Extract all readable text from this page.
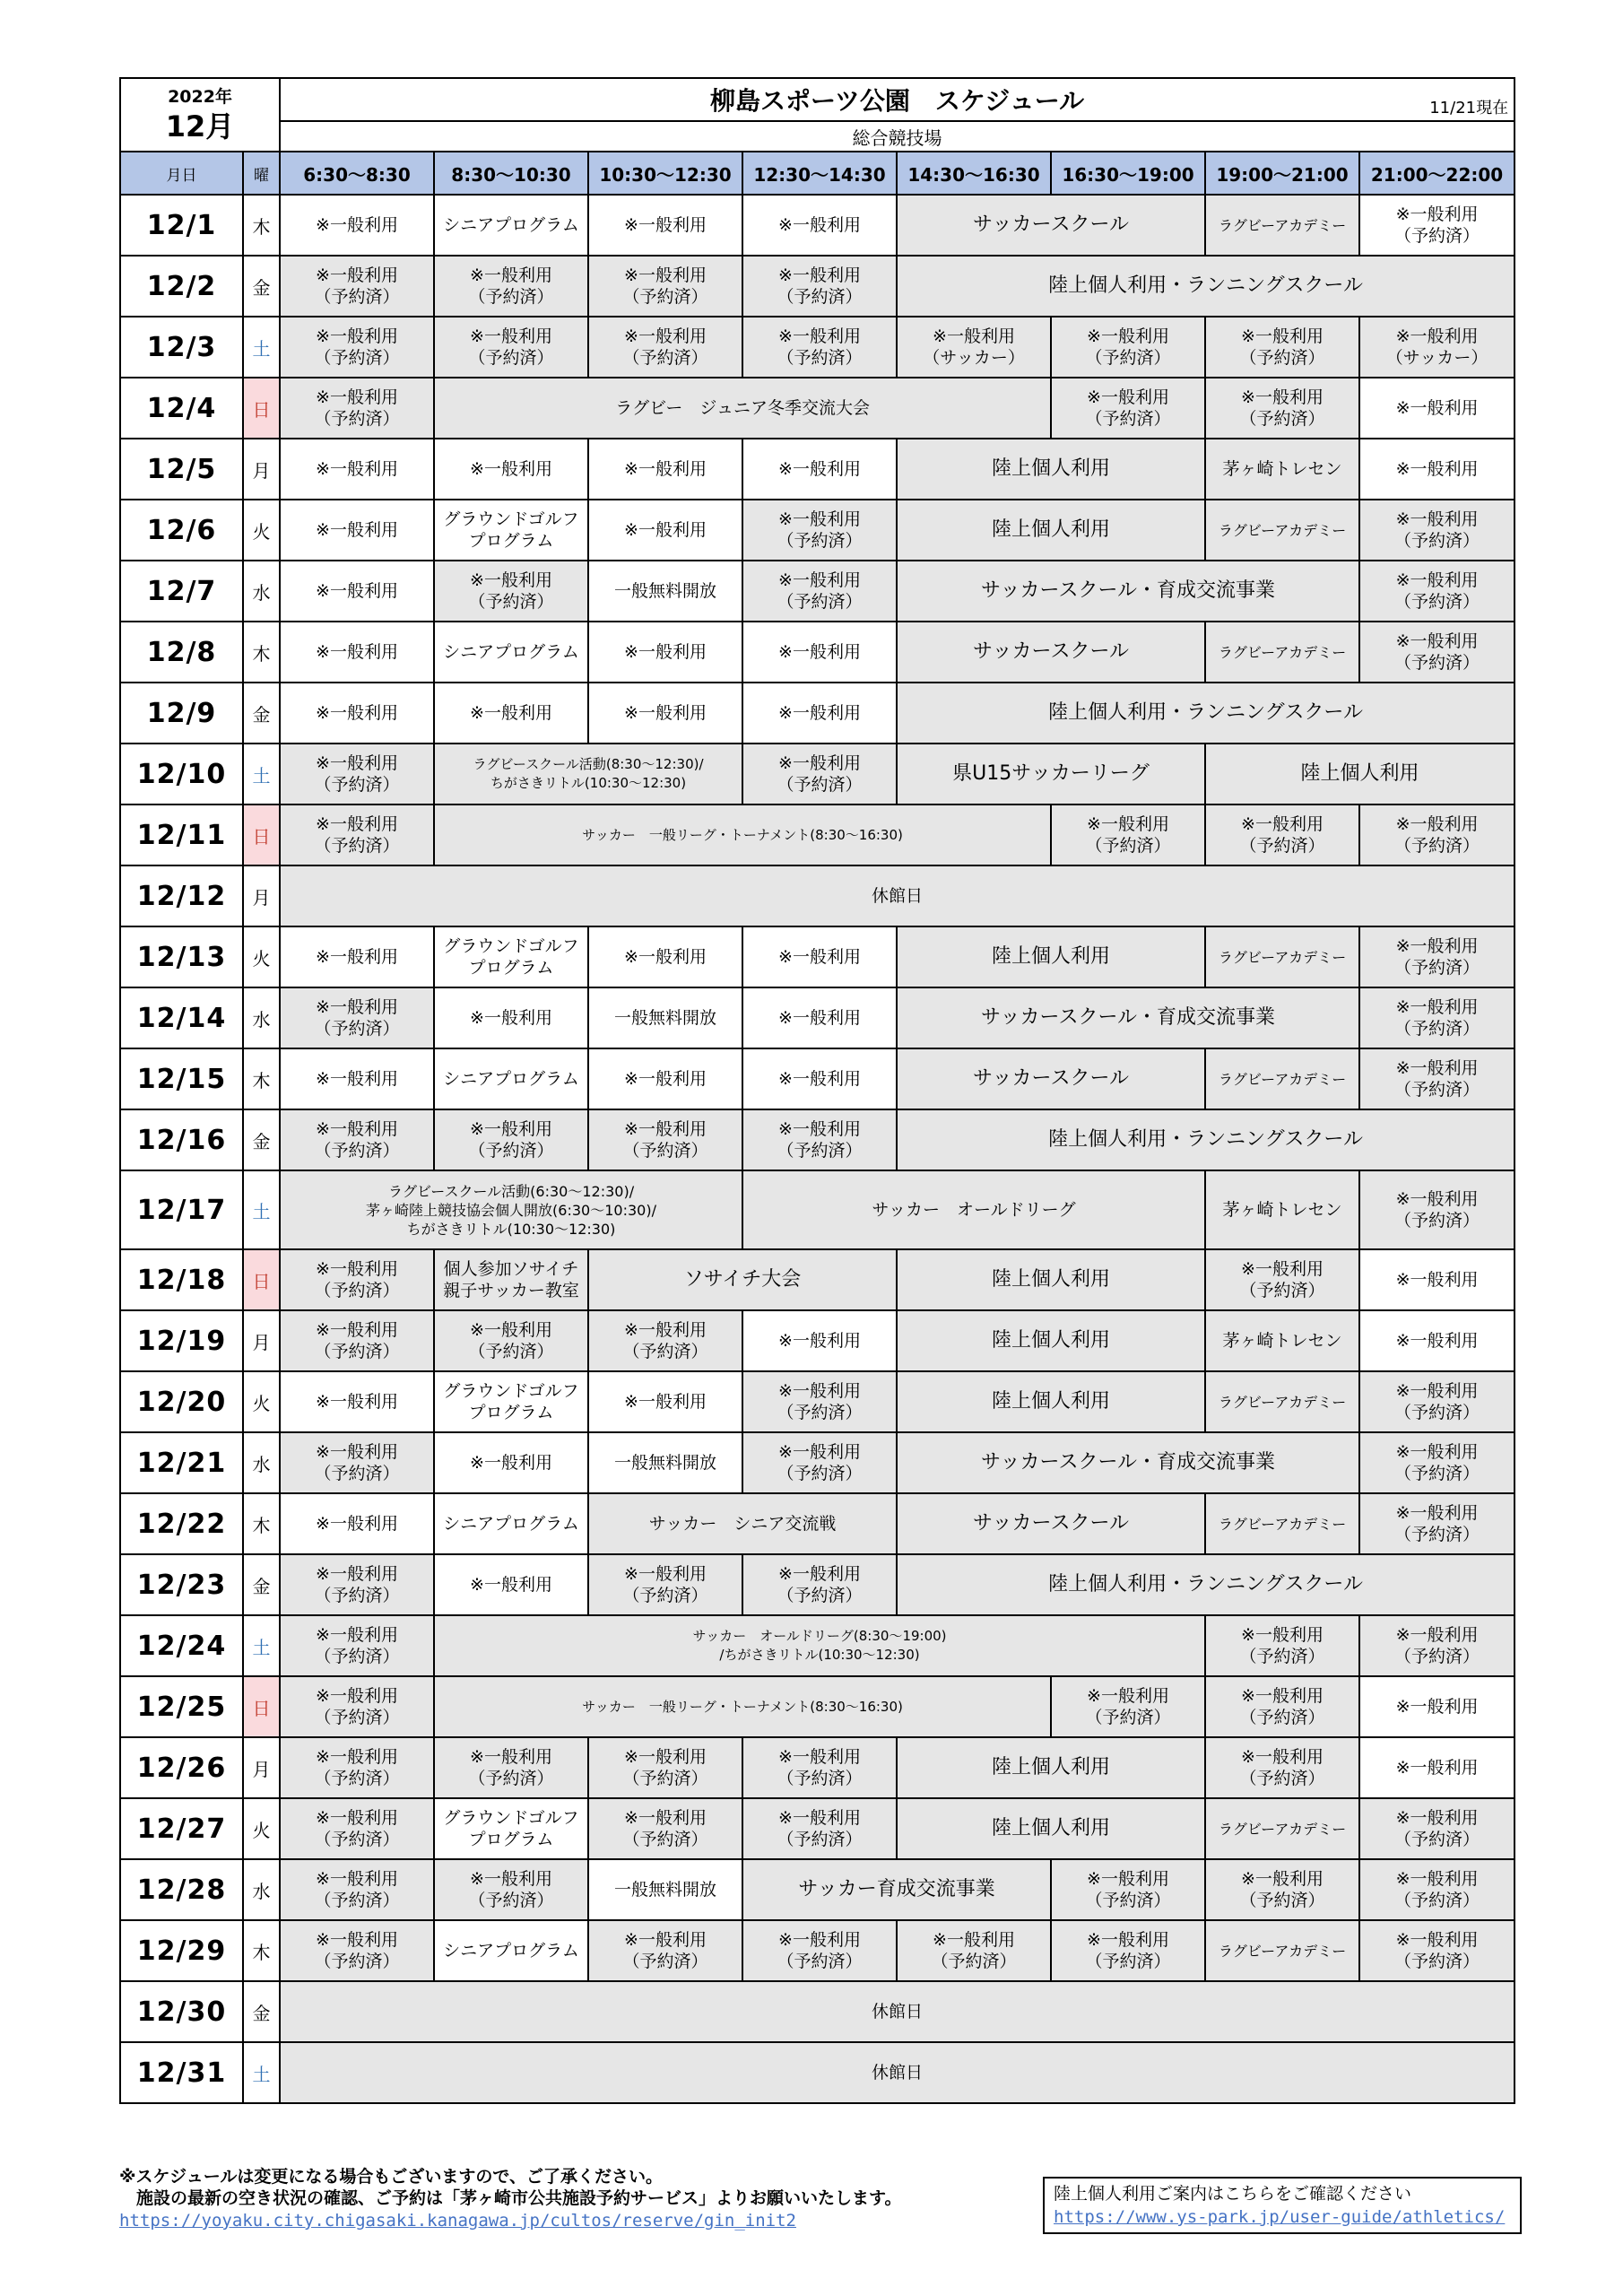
2022年
12月		柳島スポーツ公園　スケジュール 11/21現在							

		総合競技場							
月日	曜	6:30～8:30	8:30～10:30	10:30～12:30	12:30～14:30	14:30～16:30	16:30～19:00	19:00～21:00	21:00～22:00
12/1	木	※一般利用	シニアプログラム	※一般利用	※一般利用	サッカースクール		ラグビーアカデミー	※一般利用
（予約済）
12/2	金	※一般利用
（予約済）	※一般利用
（予約済）	※一般利用
（予約済）	※一般利用
（予約済）	陸上個人利用・ランニングスクール			
12/3	土	※一般利用
（予約済）	※一般利用
（予約済）	※一般利用
（予約済）	※一般利用
（予約済）	※一般利用
（サッカー）	※一般利用
（予約済）	※一般利用
（予約済）	※一般利用
（サッカー）
12/4	日	※一般利用
（予約済）	ラグビー　ジュニア冬季交流大会				※一般利用
（予約済）	※一般利用
（予約済）	※一般利用
12/5	月	※一般利用	※一般利用	※一般利用	※一般利用	陸上個人利用		茅ヶ崎トレセン	※一般利用
12/6	火	※一般利用	グラウンドゴルフ
プログラム	※一般利用	※一般利用
（予約済）	陸上個人利用		ラグビーアカデミー	※一般利用
（予約済）
12/7	水	※一般利用	※一般利用
（予約済）	一般無料開放	※一般利用
（予約済）	サッカースクール・育成交流事業			※一般利用
（予約済）
12/8	木	※一般利用	シニアプログラム	※一般利用	※一般利用	サッカースクール		ラグビーアカデミー	※一般利用
（予約済）
12/9	金	※一般利用	※一般利用	※一般利用	※一般利用	陸上個人利用・ランニングスクール			
12/10	土	※一般利用
（予約済）	ラグビースクール活動(8:30～12:30)/
ちがさきリトル(10:30～12:30)		※一般利用
（予約済）	県U15サッカーリーグ		陸上個人利用	
12/11	日	※一般利用
（予約済）	サッカー　一般リーグ・トーナメント(8:30～16:30)				※一般利用
（予約済）	※一般利用
（予約済）	※一般利用
（予約済）
12/12	月	休館日							
12/13	火	※一般利用	グラウンドゴルフ
プログラム	※一般利用	※一般利用	陸上個人利用		ラグビーアカデミー	※一般利用
（予約済）
12/14	水	※一般利用
（予約済）	※一般利用	一般無料開放	※一般利用	サッカースクール・育成交流事業			※一般利用
（予約済）
12/15	木	※一般利用	シニアプログラム	※一般利用	※一般利用	サッカースクール		ラグビーアカデミー	※一般利用
（予約済）
12/16	金	※一般利用
（予約済）	※一般利用
（予約済）	※一般利用
（予約済）	※一般利用
（予約済）	陸上個人利用・ランニングスクール			
12/17	土	ラグビースクール活動(6:30～12:30)/
茅ヶ崎陸上競技協会個人開放(6:30～10:30)/
ちがさきリトル(10:30～12:30)			サッカー　オールドリーグ			茅ヶ崎トレセン	※一般利用
（予約済）
12/18	日	※一般利用
（予約済）	個人参加ソサイチ
親子サッカー教室	ソサイチ大会		陸上個人利用		※一般利用
（予約済）	※一般利用
12/19	月	※一般利用
（予約済）	※一般利用
（予約済）	※一般利用
（予約済）	※一般利用	陸上個人利用		茅ヶ崎トレセン	※一般利用
12/20	火	※一般利用	グラウンドゴルフ
プログラム	※一般利用	※一般利用
（予約済）	陸上個人利用		ラグビーアカデミー	※一般利用
（予約済）
12/21	水	※一般利用
（予約済）	※一般利用	一般無料開放	※一般利用
（予約済）	サッカースクール・育成交流事業			※一般利用
（予約済）
12/22	木	※一般利用	シニアプログラム	サッカー　シニア交流戦		サッカースクール		ラグビーアカデミー	※一般利用
（予約済）
12/23	金	※一般利用
（予約済）	※一般利用	※一般利用
（予約済）	※一般利用
（予約済）	陸上個人利用・ランニングスクール			
12/24	土	※一般利用
（予約済）	サッカー　オールドリーグ(8:30～19:00)
/ちがさきリトル(10:30～12:30)					※一般利用
（予約済）	※一般利用
（予約済）
12/25	日	※一般利用
（予約済）	サッカー　一般リーグ・トーナメント(8:30～16:30)				※一般利用
（予約済）	※一般利用
（予約済）	※一般利用
12/26	月	※一般利用
（予約済）	※一般利用
（予約済）	※一般利用
（予約済）	※一般利用
（予約済）	陸上個人利用		※一般利用
（予約済）	※一般利用
12/27	火	※一般利用
（予約済）	グラウンドゴルフ
プログラム	※一般利用
（予約済）	※一般利用
（予約済）	陸上個人利用		ラグビーアカデミー	※一般利用
（予約済）
12/28	水	※一般利用
（予約済）	※一般利用
（予約済）	一般無料開放	サッカー育成交流事業		※一般利用
（予約済）	※一般利用
（予約済）	※一般利用
（予約済）
12/29	木	※一般利用
（予約済）	シニアプログラム	※一般利用
（予約済）	※一般利用
（予約済）	※一般利用
（予約済）	※一般利用
（予約済）	ラグビーアカデミー	※一般利用
（予約済）
12/30	金	休館日							
12/31	土	休館日							
※スケジュールは変更になる場合もございますので、ご了承ください。
　施設の最新の空き状況の確認、ご予約は「茅ヶ崎市公共施設予約サービス」よりお願いいたします。
https://yoyaku.city.chigasaki.kanagawa.jp/cultos/reserve/gin_init2
陸上個人利用ご案内はこちらをご確認ください
https://www.ys-park.jp/user-guide/athletics/
